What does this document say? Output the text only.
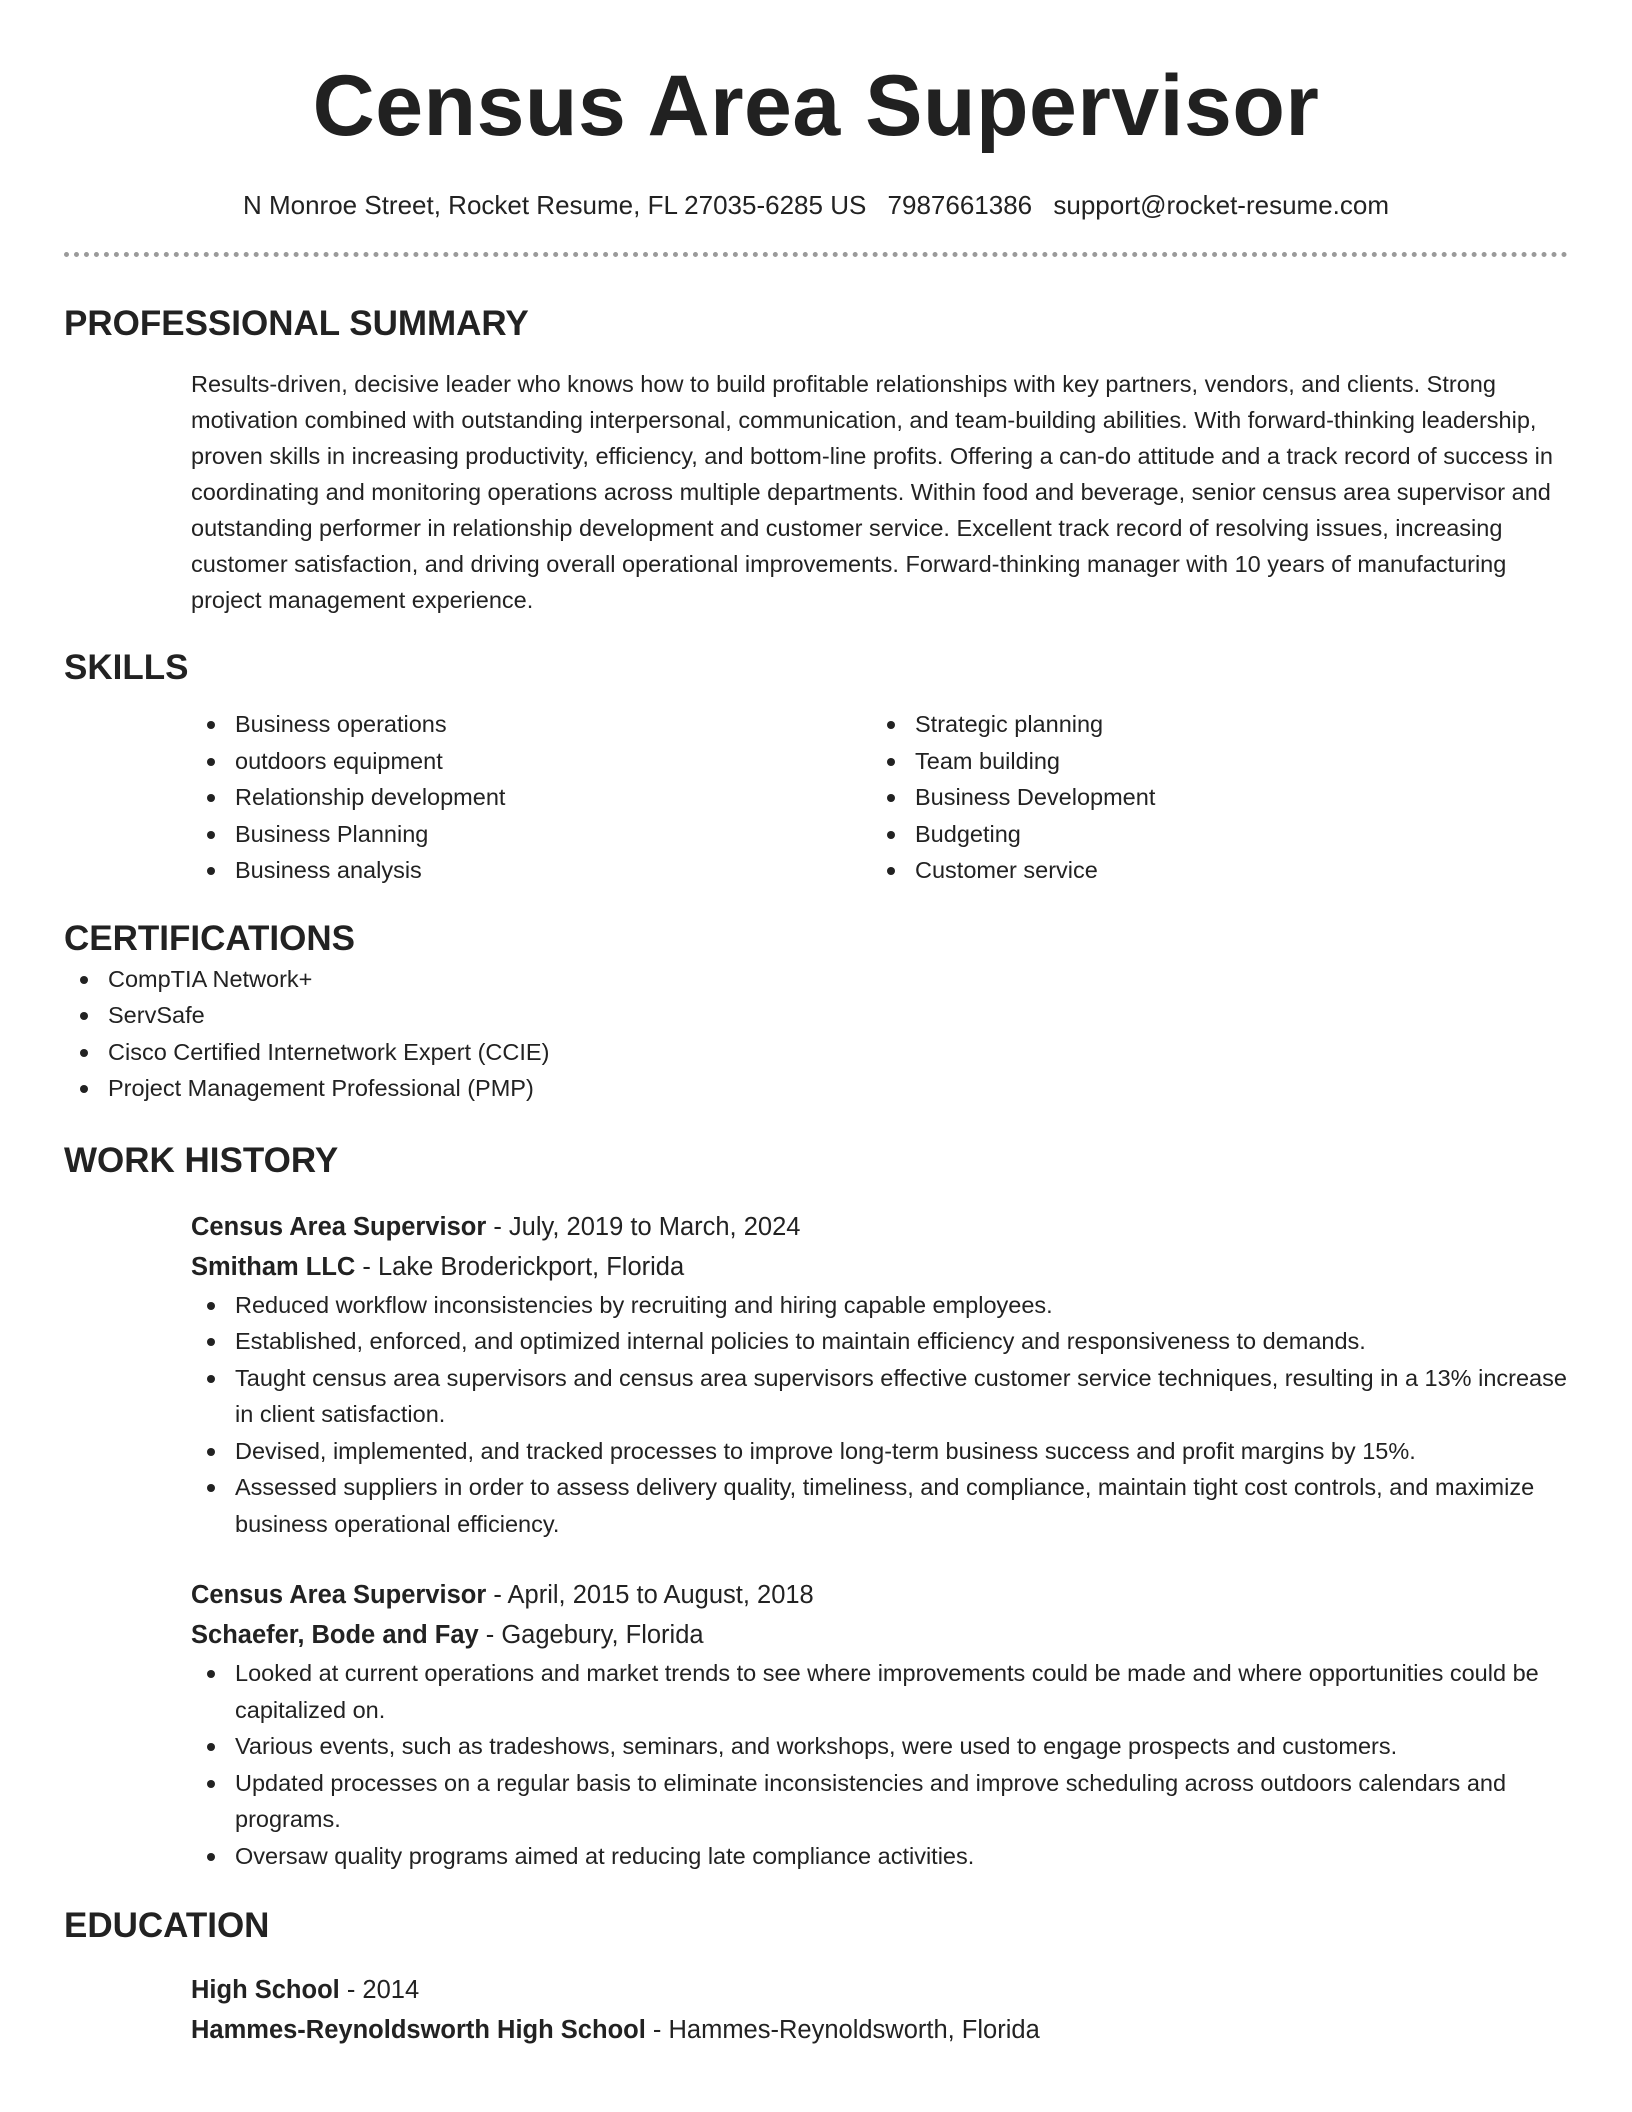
Census Area Supervisor
N Monroe Street, Rocket Resume, FL 27035-6285 US 7987661386 support@rocket-resume.com
PROFESSIONAL SUMMARY

Results-driven, decisive leader who knows how to build profitable relationships with key partners, vendors, and clients. Strong motivation combined with outstanding interpersonal, communication, and team-building abilities. With forward-thinking leadership, proven skills in increasing productivity, efficiency, and bottom-line profits. Offering a can-do attitude and a track record of success in coordinating and monitoring operations across multiple departments. Within food and beverage, senior census area supervisor and outstanding performer in relationship development and customer service. Excellent track record of resolving issues, increasing customer satisfaction, and driving overall operational improvements. Forward-thinking manager with 10 years of manufacturing project management experience.

SKILLS
Business operations
outdoors equipment
Relationship development
Business Planning
Business analysis
Strategic planning
Team building
Business Development
Budgeting
Customer service
CERTIFICATIONS
CompTIA Network+
ServSafe
Cisco Certified Internetwork Expert (CCIE)
Project Management Professional (PMP)
WORK HISTORY
Census Area Supervisor - July, 2019 to March, 2024
Smitham LLC - Lake Broderickport, Florida
Reduced workflow inconsistencies by recruiting and hiring capable employees.
Established, enforced, and optimized internal policies to maintain efficiency and responsiveness to demands.
Taught census area supervisors and census area supervisors effective customer service techniques, resulting in a 13% increase in client satisfaction.
Devised, implemented, and tracked processes to improve long-term business success and profit margins by 15%.
Assessed suppliers in order to assess delivery quality, timeliness, and compliance, maintain tight cost controls, and maximize business operational efficiency.
Census Area Supervisor - April, 2015 to August, 2018
Schaefer, Bode and Fay - Gagebury, Florida
Looked at current operations and market trends to see where improvements could be made and where opportunities could be capitalized on.
Various events, such as tradeshows, seminars, and workshops, were used to engage prospects and customers.
Updated processes on a regular basis to eliminate inconsistencies and improve scheduling across outdoors calendars and programs.
Oversaw quality programs aimed at reducing late compliance activities.
EDUCATION
High School - 2014
Hammes-Reynoldsworth High School - Hammes-Reynoldsworth, Florida
